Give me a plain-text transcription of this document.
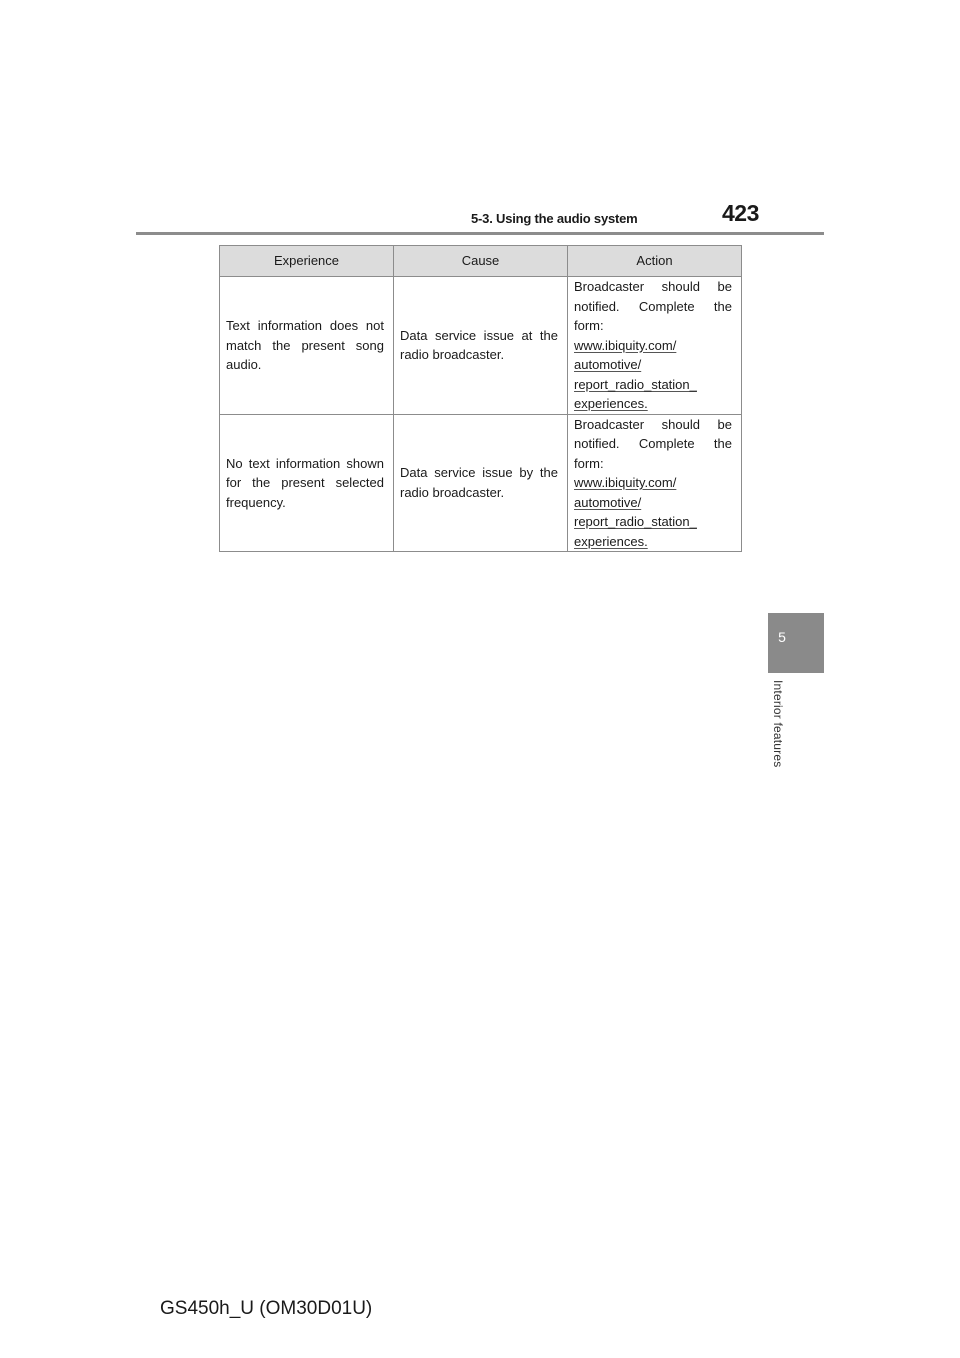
5-3. Using the audio system	423
5
Interior features
Experience	Cause	Action
Text information does not match the present song audio.	Data service issue at the radio broadcaster.	Broadcaster should be notified. Complete the form:
www.ibiquity.com/
automotive/
report_radio_station_
experiences.

No text information shown for the present selected frequency.	Data service issue by the radio broadcaster.	Broadcaster should be notified. Complete the form:
www.ibiquity.com/
automotive/
report_radio_station_
experiences.
GS450h_U (OM30D01U)
